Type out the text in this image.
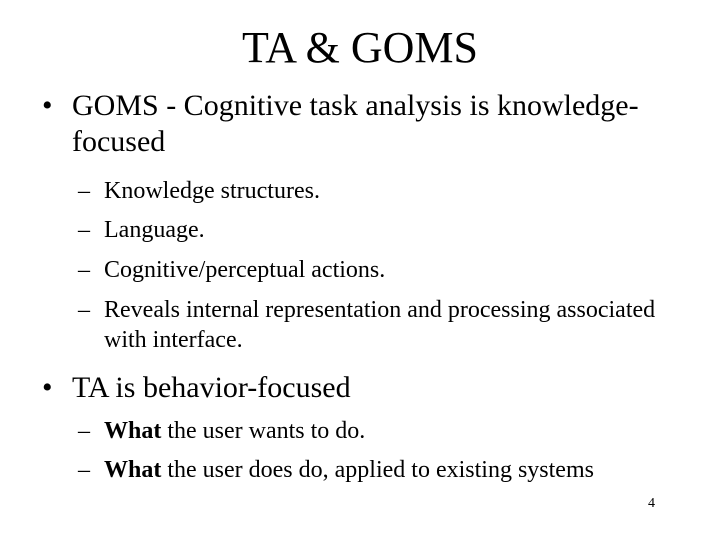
TA & GOMS
• GOMS - Cognitive task analysis is knowledge-focused
– Knowledge structures.
– Language.
– Cognitive/perceptual actions.
– Reveals internal representation and processing associated with interface.
• TA is behavior-focused
– What the user wants to do.
– What the user does do, applied to existing systems
4
